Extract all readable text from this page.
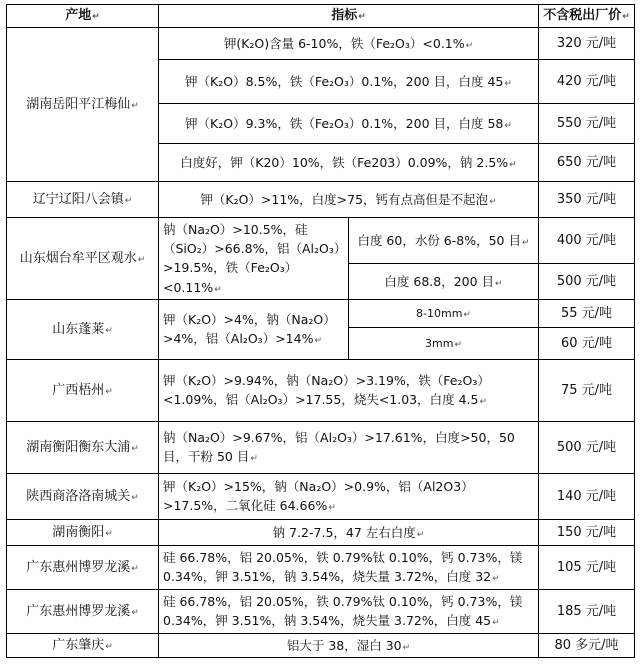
产地↵	指标↵		不含税出厂价↵
湖南岳阳平江梅仙↵	钾(K₂O)含量 6-10%，铁（Fe₂O₃）<0.1%↵		320 元/吨
	钾（K₂O）8.5%，铁（Fe₂O₃）0.1%，200 目，白度 45↵		420 元/吨
	钾（K₂O）9.3%，铁（Fe₂O₃）0.1%，200 目，白度 58↵		550 元/吨
	白度好，钾（K20）10%，铁（Fe203）0.09%，钠 2.5%↵		650 元/吨
辽宁辽阳八会镇↵	钾（K₂O）>11%，白度>75，钙有点高但是不起泡↵		350 元/吨
山东烟台牟平区观水↵	钠（Na₂O）>10.5%，硅（SiO₂）>66.8%，铝（Al₂O₃）>19.5%，铁（Fe₂O₃）<0.11%↵	白度 60，水份 6-8%，50 目↵	400 元/吨
		白度 68.8，200 目↵	500 元/吨
山东蓬莱↵	钾（K₂O）>4%，钠（Na₂O）>4%，铝（Al₂O₃）>14%↵	8-10mm↵	55 元/吨
		3mm↵	60 元/吨
广西梧州↵	钾（K₂O）>9.94%，钠（Na₂O）>3.19%，铁（Fe₂O₃）<1.09%，铝（Al₂O₃）>17.55，烧失<1.03，白度 4.5↵		75 元/吨
湖南衡阳衡东大浦↵	钠（Na₂O）>9.67%，铝（Al₂O₃）>17.61%，白度>50，50 目，干粉 50 目↵		500 元/吨
陕西商洛洛南城关↵	钾（K₂O）>15%，钠（Na₂O）>0.9%，铝（Al2O3）>17.5%，二氧化硅 64.66%↵		140 元/吨
湖南衡阳↵	钠 7.2-7.5，47 左右白度↵		150 元/吨
广东惠州博罗龙溪↵	硅 66.78%，铝 20.05%，铁 0.79%钛 0.10%，钙 0.73%，镁 0.34%，钾 3.51%，钠 3.54%，烧失量 3.72%，白度 32↵		105 元/吨
广东惠州博罗龙溪↵	硅 66.78%，铝 20.05%，铁 0.79%钛 0.10%，钙 0.73%，镁 0.34%，钾 3.51%，钠 3.54%，烧失量 3.72%，白度 45↵		185 元/吨
广东肇庆↵	铝大于 38，湿白 30↵		80 多元/吨
